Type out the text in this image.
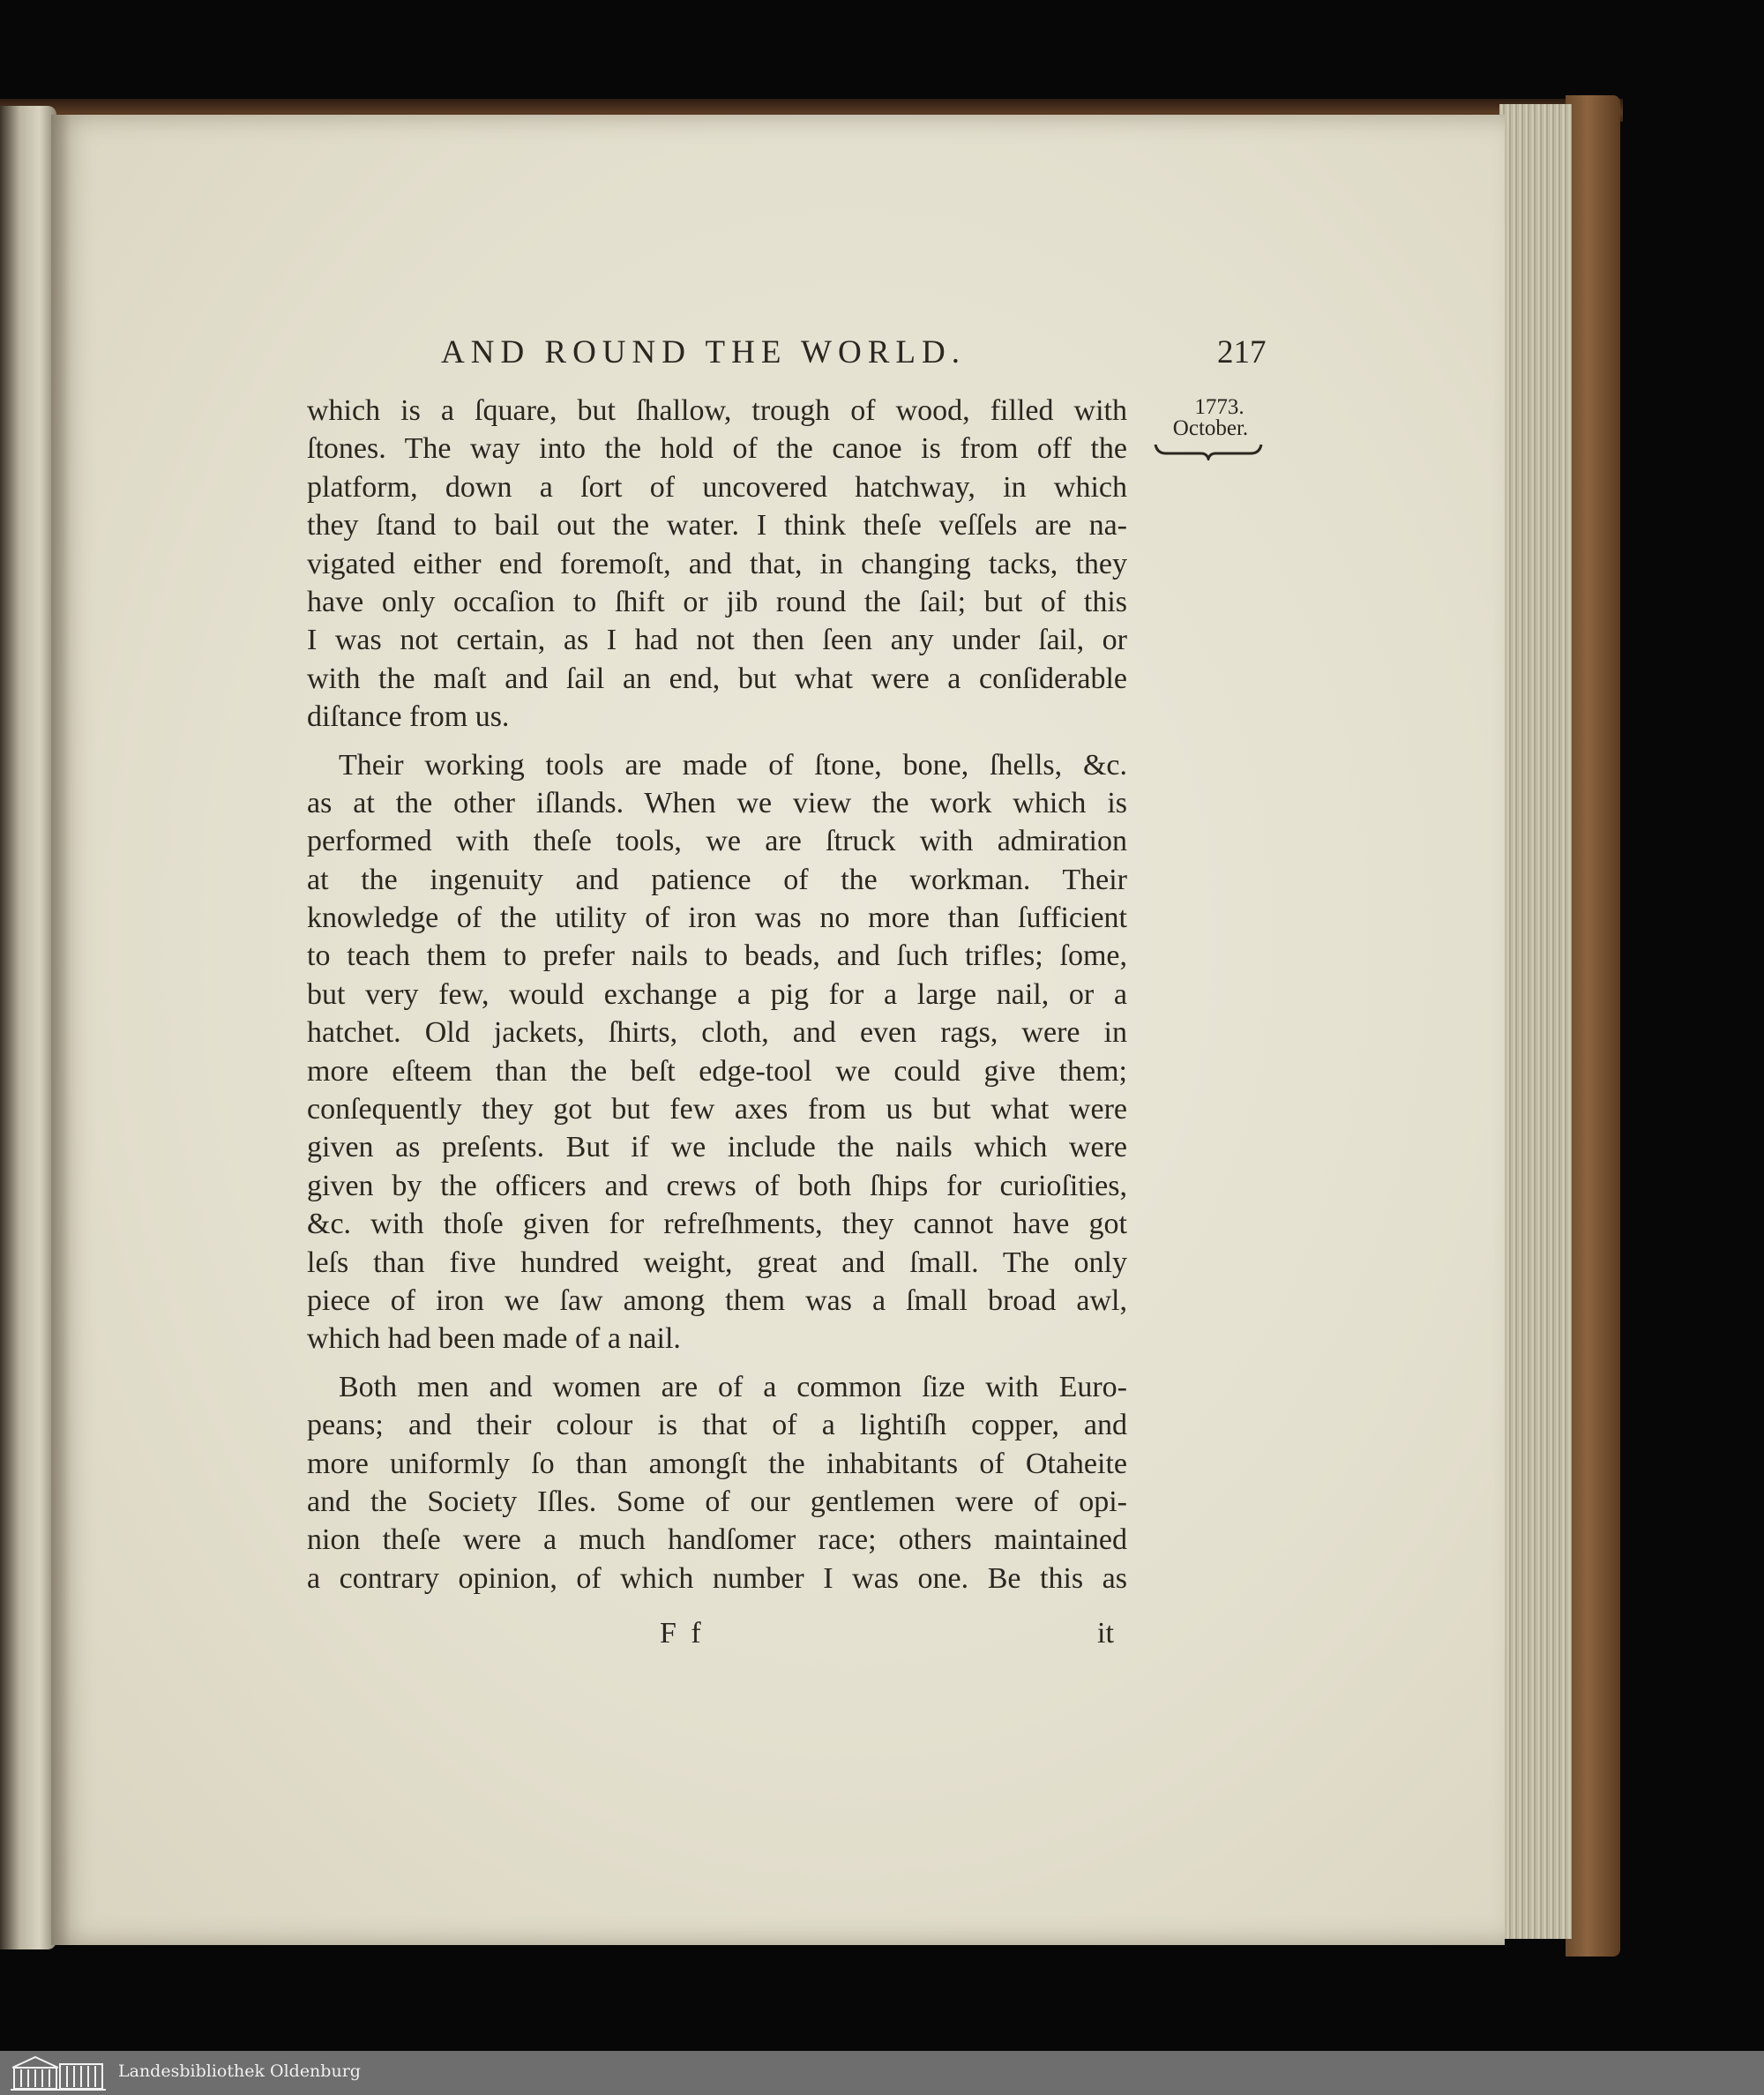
AND ROUND THE WORLD.	217
1773.
October.
which is a ſquare, but ſhallow, trough of wood, filled with
ſtones. The way into the hold of the canoe is from off the
platform, down a ſort of uncovered hatchway, in which
they ſtand to bail out the water. I think theſe veſſels are na-
vigated either end foremoſt, and that, in changing tacks, they
have only occaſion to ſhift or jib round the ſail; but of this
I was not certain, as I had not then ſeen any under ſail, or
with the maſt and ſail an end, but what were a conſiderable
diſtance from us.
Their working tools are made of ſtone, bone, ſhells, &c.
as at the other iſlands. When we view the work which is
performed with theſe tools, we are ſtruck with admiration
at the ingenuity and patience of the workman. Their
knowledge of the utility of iron was no more than ſufficient
to teach them to prefer nails to beads, and ſuch trifles; ſome,
but very few, would exchange a pig for a large nail, or a
hatchet. Old jackets, ſhirts, cloth, and even rags, were in
more eſteem than the beſt edge-tool we could give them;
conſequently they got but few axes from us but what were
given as preſents. But if we include the nails which were
given by the officers and crews of both ſhips for curioſities,
&c. with thoſe given for refreſhments, they cannot have got
leſs than five hundred weight, great and ſmall. The only
piece of iron we ſaw among them was a ſmall broad awl,
which had been made of a nail.
Both men and women are of a common ſize with Euro-
peans; and their colour is that of a lightiſh copper, and
more uniformly ſo than amongſt the inhabitants of Otaheite
and the Society Iſles. Some of our gentlemen were of opi-
nion theſe were a much handſomer race; others maintained
a contrary opinion, of which number I was one. Be this as
F f	it
Landesbibliothek Oldenburg
